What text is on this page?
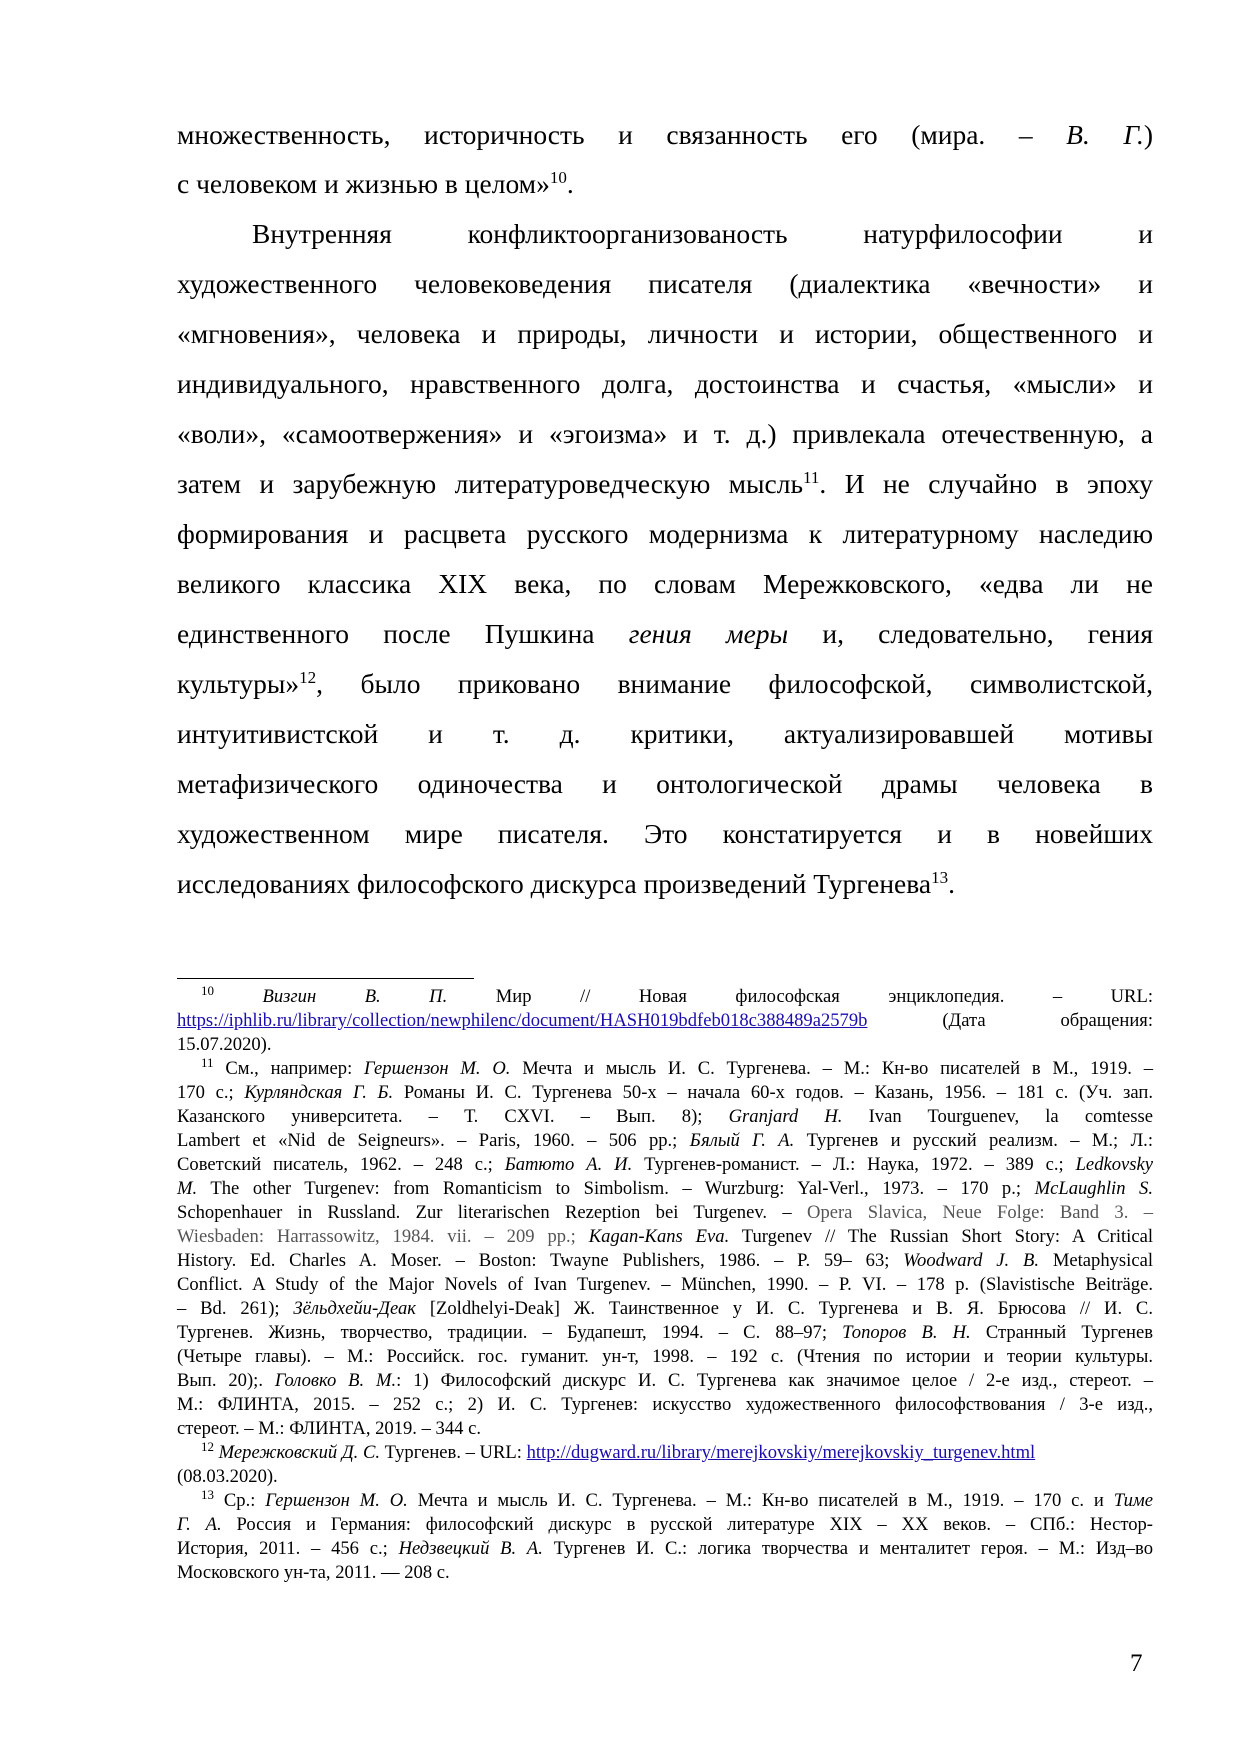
множественность, историчность и связанность его (мира. – В. Г.)
с человеком и жизнью в целом»$^{10}$.
Внутренняя конфликтоорганизованость натурфилософии и
художественного человековедения писателя (диалектика «вечности» и
«мгновения», человека и природы, личности и истории, общественного и
индивидуального, нравственного долга, достоинства и счастья, «мысли» и
«воли», «самоотвержения» и «эгоизма» и т. д.) привлекала отечественную, а
затем и зарубежную литературоведческую мысль$^{11}$. И не случайно в эпоху
формирования и расцвета русского модернизма к литературному наследию
великого классика XIX века, по словам Мережковского, «едва ли не
единственного после Пушкина гения меры и, следовательно, гения
культуры»$^{12}$, было приковано внимание философской, символистской,
интуитивистской и т. д. критики, актуализировавшей мотивы
метафизического одиночества и онтологической драмы человека в
художественном мире писателя. Это констатируется и в новейших
исследованиях философского дискурса произведений Тургенева$^{13}$.
$^{10}$	Визгин В. П.	Мир // Новая философская энциклопедия. – URL:
https://iphlib.ru/library/collection/newphilenc/document/HASH019bdfeb018c388489a2579b	(Дата обращения:
15.07.2020).
$^{11}$ См., например: Гершензон М. О. Мечта и мысль И. С. Тургенева. – М.: Кн-во писателей в М., 1919. –
170 с.; Курляндская Г. Б. Романы И. С. Тургенева 50-х – начала 60-х годов. – Казань, 1956. – 181 с. (Уч. зап.
Казанского университета. – Т. CXVI. – Вып. 8); Granjard H. Ivan Tourguenev, la comtesse
Lambert et «Nid de Seigneurs». – Paris, 1960. – 506 pp.; Бялый Г. А. Тургенев и русский реализм. – М.; Л.:
Советский писатель, 1962. – 248 с.; Батюто А. И. Тургенев-романист. – Л.: Наука, 1972. – 389 с.; Ledkovsky
M. The other Turgenev: from Romanticism to Simbolism. – Wurzburg: Yal-Verl., 1973. – 170 p.; McLaughlin S.
Schopenhauer in Russland. Zur literarischen Rezeption bei Turgenev. – Opera Slavica, Neue Folge: Band 3. –
Wiesbaden: Harrassowitz, 1984. vii. – 209 pp.; Kagan-Kans Eva. Turgenev // The Russian Short Story: A Critical
History. Ed. Charles A. Moser. – Boston: Twayne Publishers, 1986. – P. 59– 63; Woodward J. B. Metaphysical
Conflict. A Study of the Major Novels of Ivan Turgenev. – München, 1990. – P. VI. – 178 p. (Slavistische Beiträge.
– Bd. 261); Зёльдхейи-Деак [Zoldhelyi-Deak] Ж. Таинственное у И. С. Тургенева и В. Я. Брюсова // И. С.
Тургенев. Жизнь, творчество, традиции. – Будапешт, 1994. – С. 88–97; Топоров В. Н. Странный Тургенев
(Четыре главы). – М.: Российск. гос. гуманит. ун-т, 1998. – 192 с. (Чтения по истории и теории культуры.
Вып. 20);. Головко В. М.: 1) Философский дискурс И. С. Тургенева как значимое целое / 2-е изд., стереот. –
М.: ФЛИНТА, 2015. – 252 с.; 2) И. С. Тургенев: искусство художественного философствования / 3-е изд.,
стереот. – М.: ФЛИНТА, 2019. – 344 с.
$^{12}$ Мережковский Д. С. Тургенев. – URL: http://dugward.ru/library/merejkovskiy/merejkovskiy_turgenev.html
(08.03.2020).
$^{13}$ Ср.: Гершензон М. О. Мечта и мысль И. С. Тургенева. – М.: Кн-во писателей в М., 1919. – 170 с. и Тиме
Г. А. Россия и Германия: философский дискурс в русской литературе XIX – XX веков. – СПб.: Нестор-
История, 2011. – 456 с.; Недзвецкий В. А. Тургенев И. С.: логика творчества и менталитет героя. – М.: Изд–во
Московского ун-та, 2011. — 208 с.
7
